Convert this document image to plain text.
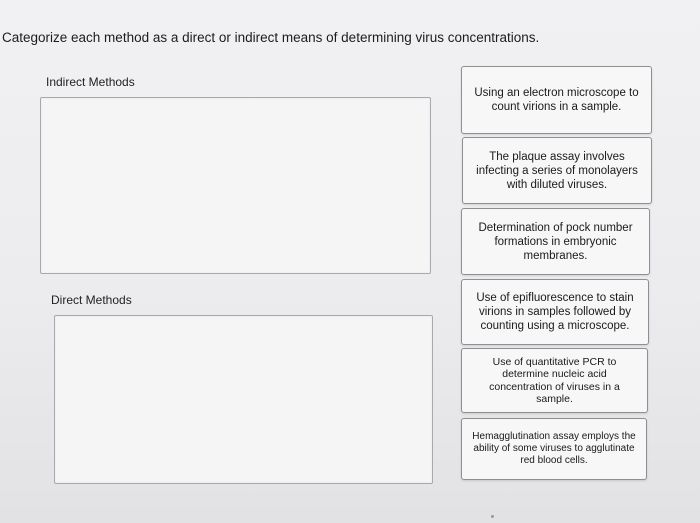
Categorize each method as a direct or indirect means of determining virus concentrations.
Indirect Methods
Direct Methods
Using an electron microscope to count virions in a sample.
The plaque assay involves infecting a series of monolayers with diluted viruses.
Determination of pock number formations in embryonic membranes.
Use of epifluorescence to stain virions in samples followed by counting using a microscope.
Use of quantitative PCR to determine nucleic acid concentration of viruses in a sample.
Hemagglutination assay employs the ability of some viruses to agglutinate red blood cells.
